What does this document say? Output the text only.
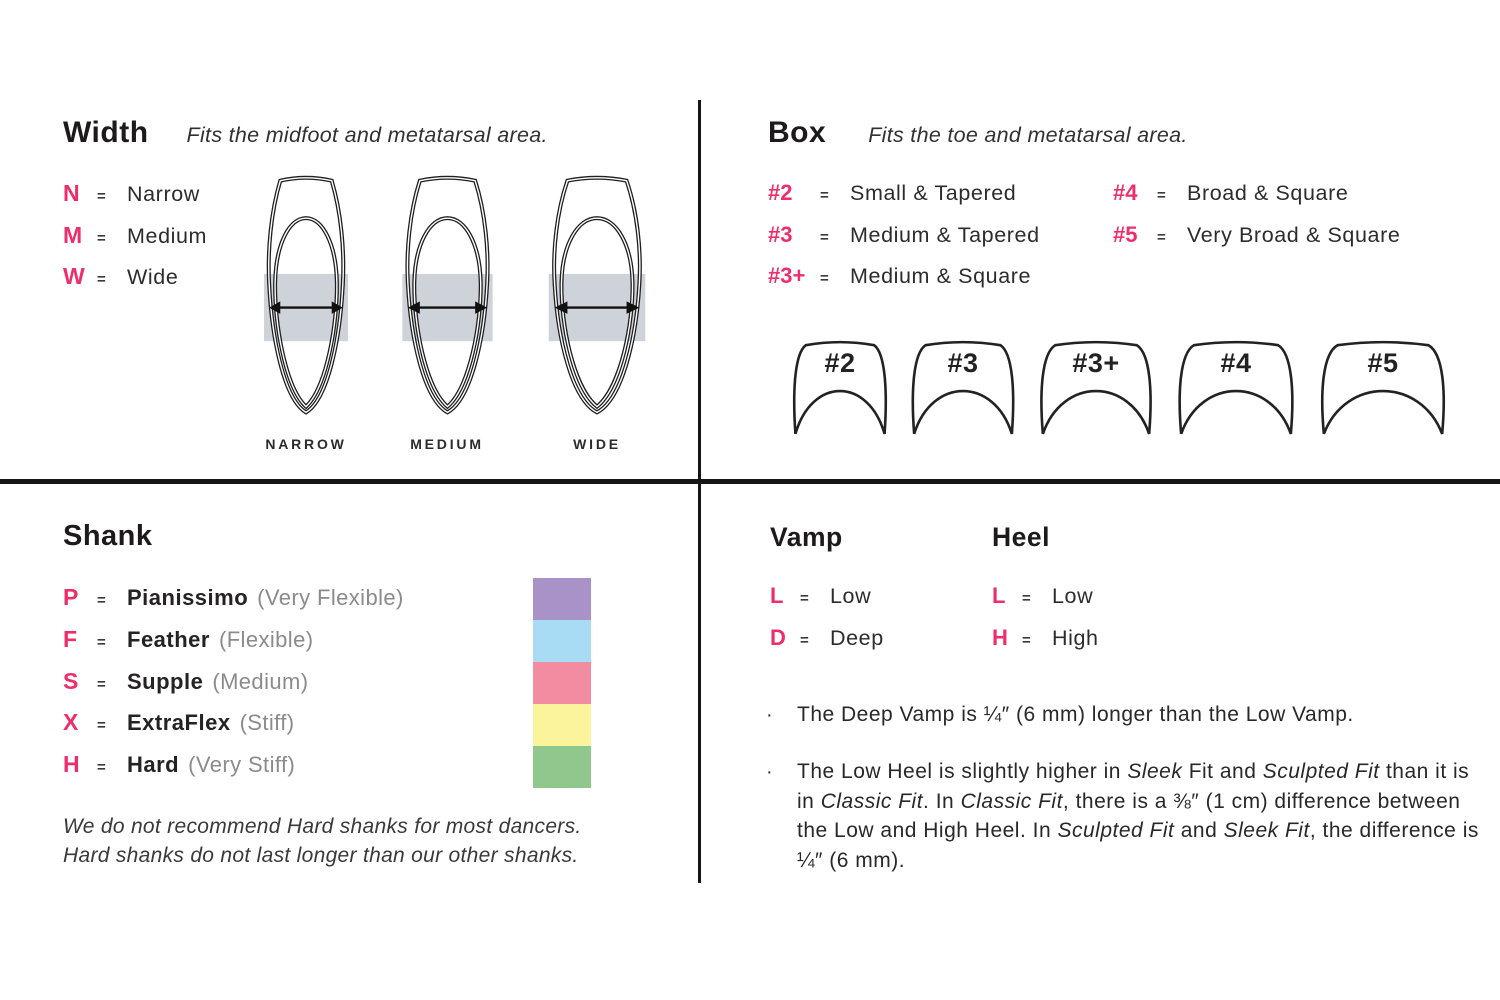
Width Fits the midfoot and metatarsal area.
N	= Narrow
M = Medium
W = Wide
NARROW	MEDIUM	WIDE
Box Fits the toe and metatarsal area.
#2	= Small & Tapered
#3	= Medium & Tapered
#3+ = Medium & Square
#4	= Broad & Square
#5	= Very Broad & Square
#2	#3	#3+	#4	#5
Shank
P	= Pianissimo (Very Flexible)
F	= Feather (Flexible)
S	= Supple (Medium)
X	= ExtraFlex (Stiff)
H	= Hard (Very Stiff)
We do not recommend Hard shanks for most dancers.
Hard shanks do not last longer than our other shanks.
Vamp	Heel
L	= Low
D = Deep
L	= Low
H = High
·	The Deep Vamp is ¼″ (6 mm) longer than the Low Vamp.
·	The Low Heel is slightly higher in Sleek Fit and Sculpted Fit than it is in Classic Fit. In Classic Fit, there is a ⅜″ (1 cm) difference between the Low and High Heel. In Sculpted Fit and Sleek Fit, the difference is ¼″ (6 mm).
